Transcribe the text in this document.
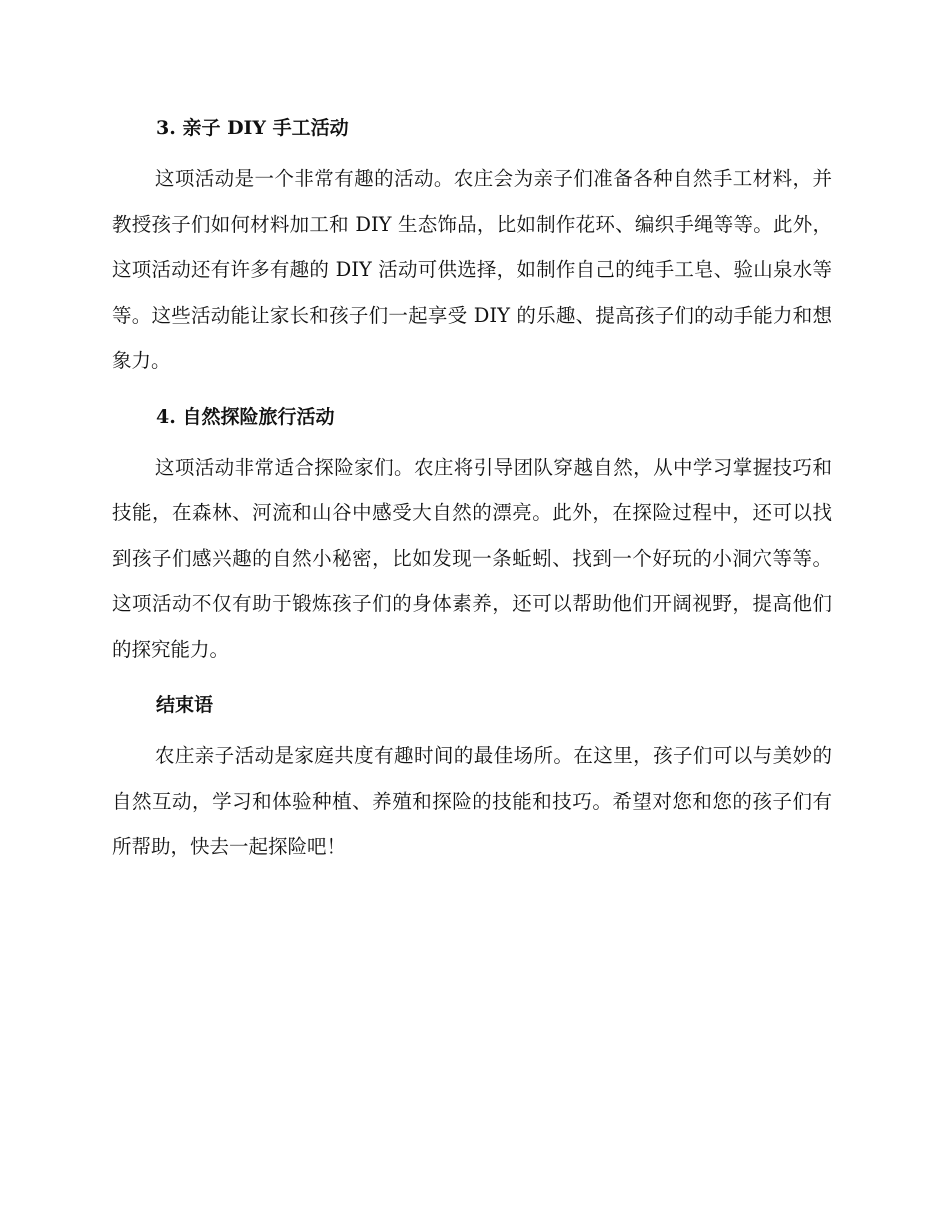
3. 亲子 DIY 手工活动

这项活动是一个非常有趣的活动。农庄会为亲子们准备各种自然手工材料，并教授孩子们如何材料加工和 DIY 生态饰品，比如制作花环、编织手绳等等。此外，这项活动还有许多有趣的 DIY 活动可供选择，如制作自己的纯手工皂、验山泉水等等。这些活动能让家长和孩子们一起享受 DIY 的乐趣、提高孩子们的动手能力和想象力。

4. 自然探险旅行活动

这项活动非常适合探险家们。农庄将引导团队穿越自然，从中学习掌握技巧和技能，在森林、河流和山谷中感受大自然的漂亮。此外，在探险过程中，还可以找到孩子们感兴趣的自然小秘密，比如发现一条蚯蚓、找到一个好玩的小洞穴等等。这项活动不仅有助于锻炼孩子们的身体素养，还可以帮助他们开阔视野，提高他们的探究能力。

结束语

农庄亲子活动是家庭共度有趣时间的最佳场所。在这里，孩子们可以与美妙的自然互动，学习和体验种植、养殖和探险的技能和技巧。希望对您和您的孩子们有所帮助，快去一起探险吧！
